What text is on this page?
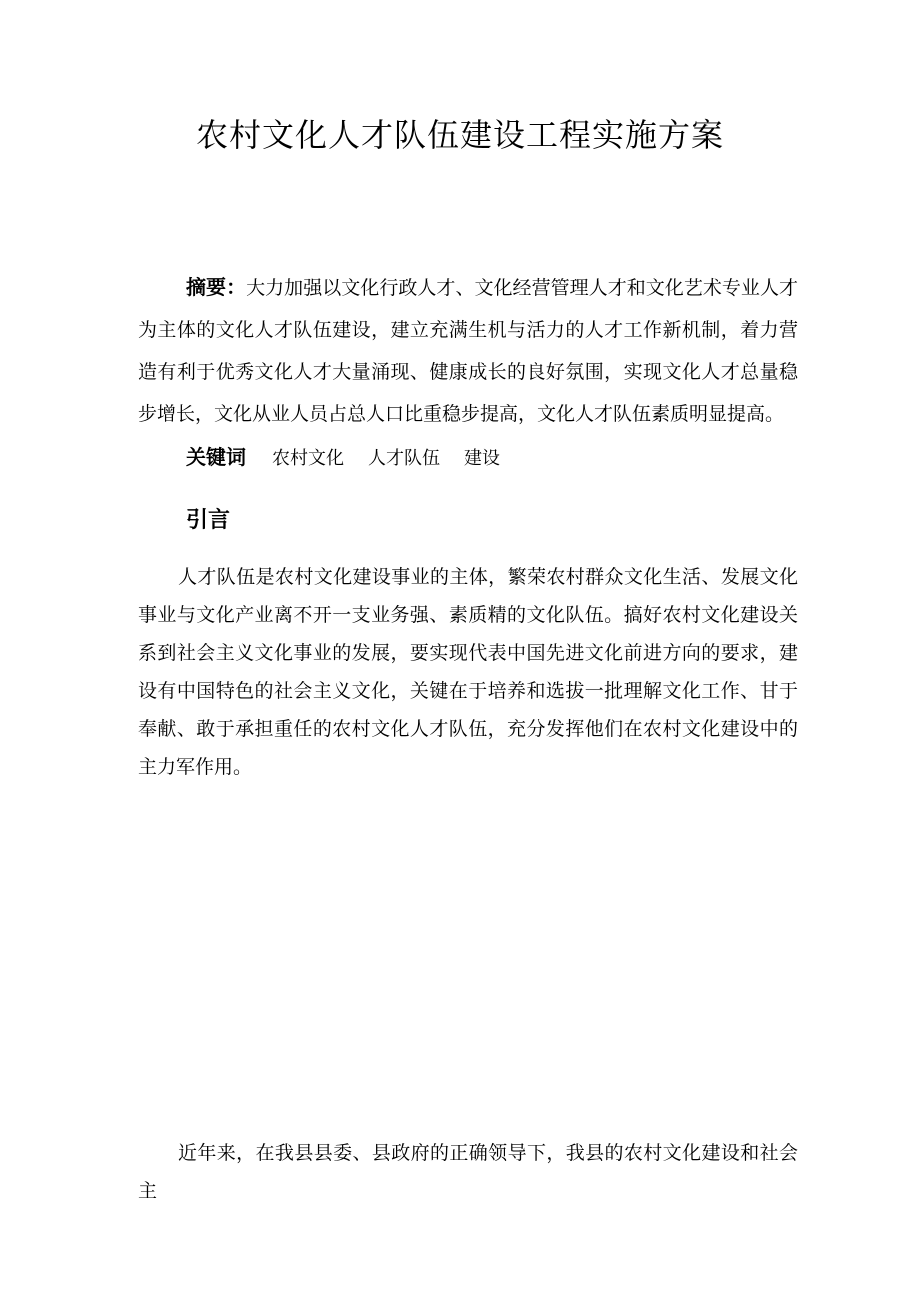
农村文化人才队伍建设工程实施方案

摘要：大力加强以文化行政人才、文化经营管理人才和文化艺术专业人才为主体的文化人才队伍建设，建立充满生机与活力的人才工作新机制，着力营造有利于优秀文化人才大量涌现、健康成长的良好氛围，实现文化人才总量稳步增长，文化从业人员占总人口比重稳步提高，文化人才队伍素质明显提高。

关键词 农村文化 人才队伍 建设
引言

人才队伍是农村文化建设事业的主体，繁荣农村群众文化生活、发展文化事业与文化产业离不开一支业务强、素质精的文化队伍。搞好农村文化建设关系到社会主义文化事业的发展，要实现代表中国先进文化前进方向的要求，建设有中国特色的社会主义文化，关键在于培养和选拔一批理解文化工作、甘于奉献、敢于承担重任的农村文化人才队伍，充分发挥他们在农村文化建设中的主力军作用。

近年来，在我县县委、县政府的正确领导下，我县的农村文化建设和社会主
